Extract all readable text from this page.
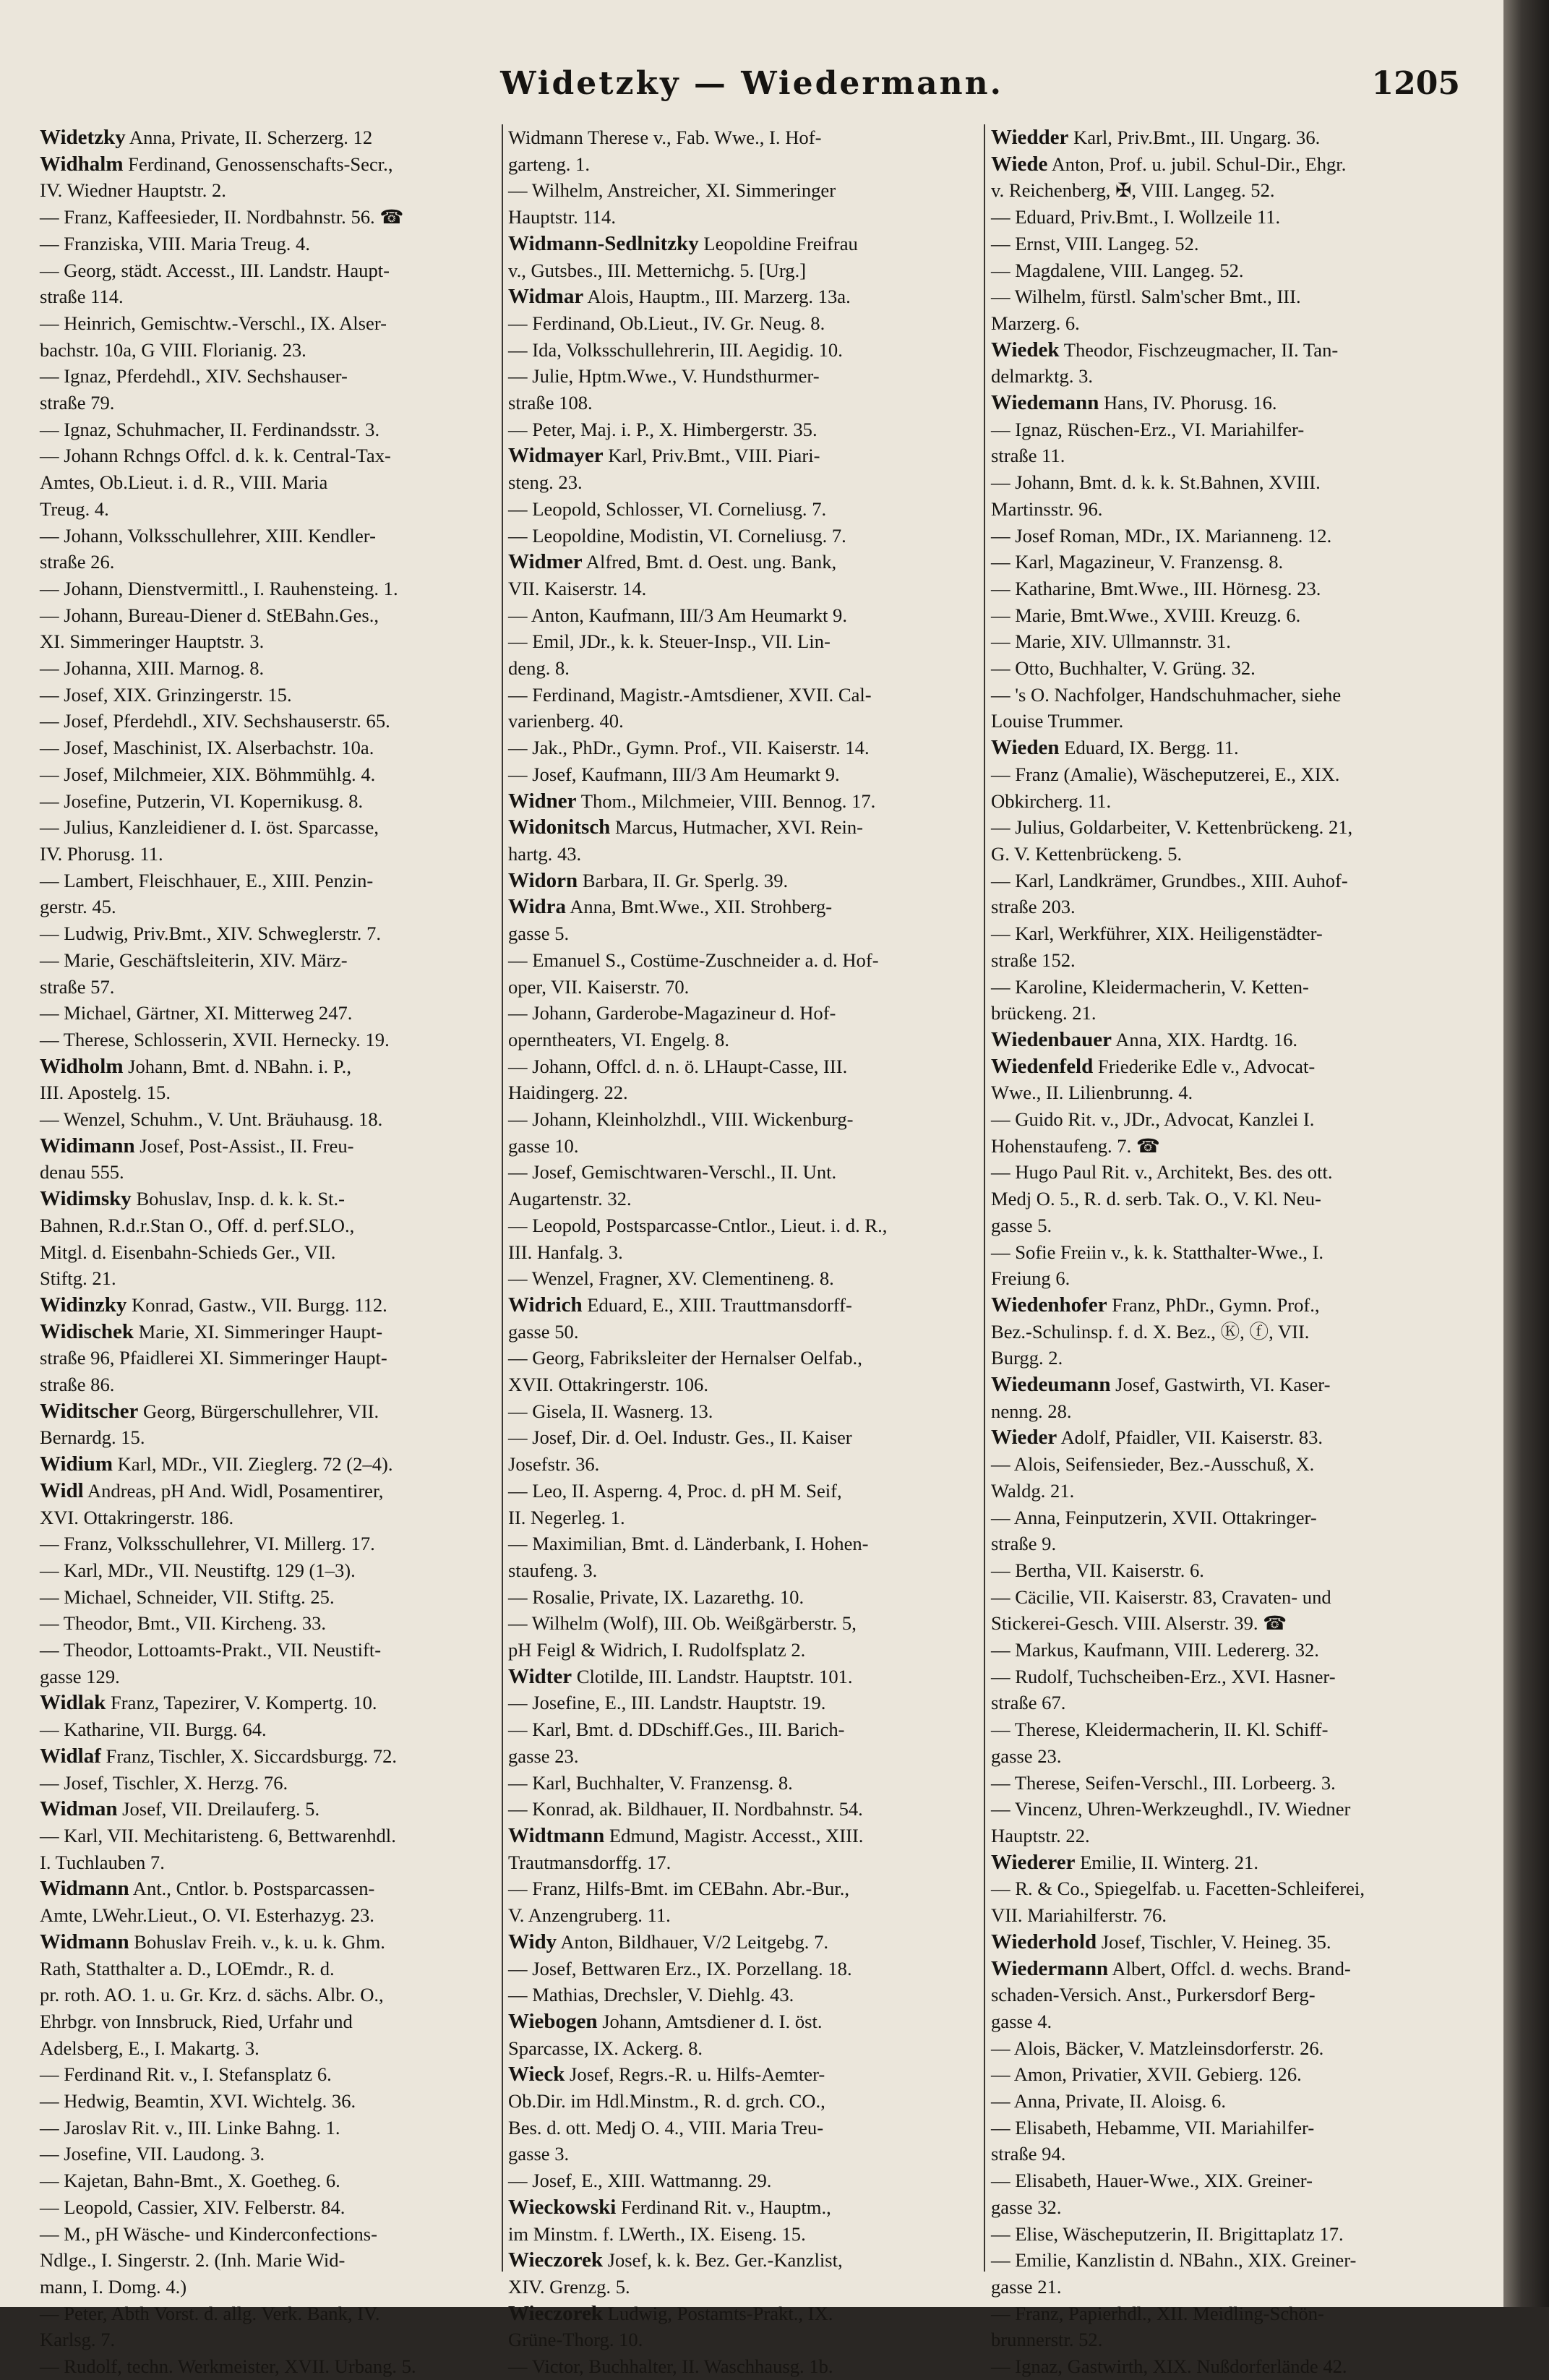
Widetzky — Wiedermann.	1205
Widetzky Anna, Private, II. Scherzerg. 12
Widhalm Ferdinand, Genossenschafts-Secr.,
IV. Wiedner Hauptstr. 2.
— Franz, Kaffeesieder, II. Nordbahnstr. 56. ☎
— Franziska, VIII. Maria Treug. 4.
— Georg, städt. Accesst., III. Landstr. Haupt-
straße 114.
— Heinrich, Gemischtw.-Verschl., IX. Alser-
bachstr. 10a, G VIII. Florianig. 23.
— Ignaz, Pferdehdl., XIV. Sechshauser-
straße 79.
— Ignaz, Schuhmacher, II. Ferdinandsstr. 3.
— Johann Rchngs Offcl. d. k. k. Central-Tax-
Amtes, Ob.Lieut. i. d. R., VIII. Maria
Treug. 4.
— Johann, Volksschullehrer, XIII. Kendler-
straße 26.
— Johann, Dienstvermittl., I. Rauhensteing. 1.
— Johann, Bureau-Diener d. StEBahn.Ges.,
XI. Simmeringer Hauptstr. 3.
— Johanna, XIII. Marnog. 8.
— Josef, XIX. Grinzingerstr. 15.
— Josef, Pferdehdl., XIV. Sechshauserstr. 65.
— Josef, Maschinist, IX. Alserbachstr. 10a.
— Josef, Milchmeier, XIX. Böhmmühlg. 4.
— Josefine, Putzerin, VI. Kopernikusg. 8.
— Julius, Kanzleidiener d. I. öst. Sparcasse,
IV. Phorusg. 11.
— Lambert, Fleischhauer, E., XIII. Penzin-
gerstr. 45.
— Ludwig, Priv.Bmt., XIV. Schweglerstr. 7.
— Marie, Geschäftsleiterin, XIV. März-
straße 57.
— Michael, Gärtner, XI. Mitterweg 247.
— Therese, Schlosserin, XVII. Hernecky. 19.
Widholm Johann, Bmt. d. NBahn. i. P.,
III. Apostelg. 15.
— Wenzel, Schuhm., V. Unt. Bräuhausg. 18.
Widimann Josef, Post-Assist., II. Freu-
denau 555.
Widimsky Bohuslav, Insp. d. k. k. St.-
Bahnen, R.d.r.Stan O., Off. d. perf.SLO.,
Mitgl. d. Eisenbahn-Schieds Ger., VII.
Stiftg. 21.
Widinzky Konrad, Gastw., VII. Burgg. 112.
Widischek Marie, XI. Simmeringer Haupt-
straße 96, Pfaidlerei XI. Simmeringer Haupt-
straße 86.
Widitscher Georg, Bürgerschullehrer, VII.
Bernardg. 15.
Widium Karl, MDr., VII. Zieglerg. 72 (2–4).
Widl Andreas, pH And. Widl, Posamentirer,
XVI. Ottakringerstr. 186.
— Franz, Volksschullehrer, VI. Millerg. 17.
— Karl, MDr., VII. Neustiftg. 129 (1–3).
— Michael, Schneider, VII. Stiftg. 25.
— Theodor, Bmt., VII. Kircheng. 33.
— Theodor, Lottoamts-Prakt., VII. Neustift-
gasse 129.
Widlak Franz, Tapezirer, V. Kompertg. 10.
— Katharine, VII. Burgg. 64.
Widlaf Franz, Tischler, X. Siccardsburgg. 72.
— Josef, Tischler, X. Herzg. 76.
Widman Josef, VII. Dreilauferg. 5.
— Karl, VII. Mechitaristeng. 6, Bettwarenhdl.
I. Tuchlauben 7.
Widmann Ant., Cntlor. b. Postsparcassen-
Amte, LWehr.Lieut., O. VI. Esterhazyg. 23.
Widmann Bohuslav Freih. v., k. u. k. Ghm.
Rath, Statthalter a. D., LOEmdr., R. d.
pr. roth. AO. 1. u. Gr. Krz. d. sächs. Albr. O.,
Ehrbgr. von Innsbruck, Ried, Urfahr und
Adelsberg, E., I. Makartg. 3.
— Ferdinand Rit. v., I. Stefansplatz 6.
— Hedwig, Beamtin, XVI. Wichtelg. 36.
— Jaroslav Rit. v., III. Linke Bahng. 1.
— Josefine, VII. Laudong. 3.
— Kajetan, Bahn-Bmt., X. Goetheg. 6.
— Leopold, Cassier, XIV. Felberstr. 84.
— M., pH Wäsche- und Kinderconfections-
Ndlge., I. Singerstr. 2. (Inh. Marie Wid-
mann, I. Domg. 4.)
— Peter, Abth Vorst. d. allg. Verk. Bank, IV.
Karlsg. 7.
— Rudolf, techn. Werkmeister, XVII. Urbang. 5.
Widmann Therese v., Fab. Wwe., I. Hof-
garteng. 1.
— Wilhelm, Anstreicher, XI. Simmeringer
Hauptstr. 114.
Widmann-Sedlnitzky Leopoldine Freifrau
v., Gutsbes., III. Metternichg. 5. [Urg.]
Widmar Alois, Hauptm., III. Marzerg. 13a.
— Ferdinand, Ob.Lieut., IV. Gr. Neug. 8.
— Ida, Volksschullehrerin, III. Aegidig. 10.
— Julie, Hptm.Wwe., V. Hundsthurmer-
straße 108.
— Peter, Maj. i. P., X. Himbergerstr. 35.
Widmayer Karl, Priv.Bmt., VIII. Piari-
steng. 23.
— Leopold, Schlosser, VI. Corneliusg. 7.
— Leopoldine, Modistin, VI. Corneliusg. 7.
Widmer Alfred, Bmt. d. Oest. ung. Bank,
VII. Kaiserstr. 14.
— Anton, Kaufmann, III/3 Am Heumarkt 9.
— Emil, JDr., k. k. Steuer-Insp., VII. Lin-
deng. 8.
— Ferdinand, Magistr.-Amtsdiener, XVII. Cal-
varienberg. 40.
— Jak., PhDr., Gymn. Prof., VII. Kaiserstr. 14.
— Josef, Kaufmann, III/3 Am Heumarkt 9.
Widner Thom., Milchmeier, VIII. Bennog. 17.
Widonitsch Marcus, Hutmacher, XVI. Rein-
hartg. 43.
Widorn Barbara, II. Gr. Sperlg. 39.
Widra Anna, Bmt.Wwe., XII. Strohberg-
gasse 5.
— Emanuel S., Costüme-Zuschneider a. d. Hof-
oper, VII. Kaiserstr. 70.
— Johann, Garderobe-Magazineur d. Hof-
operntheaters, VI. Engelg. 8.
— Johann, Offcl. d. n. ö. LHaupt-Casse, III.
Haidingerg. 22.
— Johann, Kleinholzhdl., VIII. Wickenburg-
gasse 10.
— Josef, Gemischtwaren-Verschl., II. Unt.
Augartenstr. 32.
— Leopold, Postsparcasse-Cntlor., Lieut. i. d. R.,
III. Hanfalg. 3.
— Wenzel, Fragner, XV. Clementineng. 8.
Widrich Eduard, E., XIII. Trauttmansdorff-
gasse 50.
— Georg, Fabriksleiter der Hernalser Oelfab.,
XVII. Ottakringerstr. 106.
— Gisela, II. Wasnerg. 13.
— Josef, Dir. d. Oel. Industr. Ges., II. Kaiser
Josefstr. 36.
— Leo, II. Asperng. 4, Proc. d. pH M. Seif,
II. Negerleg. 1.
— Maximilian, Bmt. d. Länderbank, I. Hohen-
staufeng. 3.
— Rosalie, Private, IX. Lazarethg. 10.
— Wilhelm (Wolf), III. Ob. Weißgärberstr. 5,
pH Feigl & Widrich, I. Rudolfsplatz 2.
Widter Clotilde, III. Landstr. Hauptstr. 101.
— Josefine, E., III. Landstr. Hauptstr. 19.
— Karl, Bmt. d. DDschiff.Ges., III. Barich-
gasse 23.
— Karl, Buchhalter, V. Franzensg. 8.
— Konrad, ak. Bildhauer, II. Nordbahnstr. 54.
Widtmann Edmund, Magistr. Accesst., XIII.
Trautmansdorffg. 17.
— Franz, Hilfs-Bmt. im CEBahn. Abr.-Bur.,
V. Anzengruberg. 11.
Widy Anton, Bildhauer, V/2 Leitgebg. 7.
— Josef, Bettwaren Erz., IX. Porzellang. 18.
— Mathias, Drechsler, V. Diehlg. 43.
Wiebogen Johann, Amtsdiener d. I. öst.
Sparcasse, IX. Ackerg. 8.
Wieck Josef, Regrs.-R. u. Hilfs-Aemter-
Ob.Dir. im Hdl.Minstm., R. d. grch. CO.,
Bes. d. ott. Medj O. 4., VIII. Maria Treu-
gasse 3.
— Josef, E., XIII. Wattmanng. 29.
Wieckowski Ferdinand Rit. v., Hauptm.,
im Minstm. f. LWerth., IX. Eiseng. 15.
Wieczorek Josef, k. k. Bez. Ger.-Kanzlist,
XIV. Grenzg. 5.
Wieczorek Ludwig, Postamts-Prakt., IX.
Grüne-Thorg. 10.
— Victor, Buchhalter, II. Waschhausg. 1b.
Wiedder Karl, Priv.Bmt., III. Ungarg. 36.
Wiede Anton, Prof. u. jubil. Schul-Dir., Ehgr.
v. Reichenberg, ✠, VIII. Langeg. 52.
— Eduard, Priv.Bmt., I. Wollzeile 11.
— Ernst, VIII. Langeg. 52.
— Magdalene, VIII. Langeg. 52.
— Wilhelm, fürstl. Salm'scher Bmt., III.
Marzerg. 6.
Wiedek Theodor, Fischzeugmacher, II. Tan-
delmarktg. 3.
Wiedemann Hans, IV. Phorusg. 16.
— Ignaz, Rüschen-Erz., VI. Mariahilfer-
straße 11.
— Johann, Bmt. d. k. k. St.Bahnen, XVIII.
Martinsstr. 96.
— Josef Roman, MDr., IX. Marianneng. 12.
— Karl, Magazineur, V. Franzensg. 8.
— Katharine, Bmt.Wwe., III. Hörnesg. 23.
— Marie, Bmt.Wwe., XVIII. Kreuzg. 6.
— Marie, XIV. Ullmannstr. 31.
— Otto, Buchhalter, V. Grüng. 32.
— 's O. Nachfolger, Handschuhmacher, siehe
Louise Trummer.
Wieden Eduard, IX. Bergg. 11.
— Franz (Amalie), Wäscheputzerei, E., XIX.
Obkircherg. 11.
— Julius, Goldarbeiter, V. Kettenbrückeng. 21,
G. V. Kettenbrückeng. 5.
— Karl, Landkrämer, Grundbes., XIII. Auhof-
straße 203.
— Karl, Werkführer, XIX. Heiligenstädter-
straße 152.
— Karoline, Kleidermacherin, V. Ketten-
brückeng. 21.
Wiedenbauer Anna, XIX. Hardtg. 16.
Wiedenfeld Friederike Edle v., Advocat-
Wwe., II. Lilienbrunng. 4.
— Guido Rit. v., JDr., Advocat, Kanzlei I.
Hohenstaufeng. 7. ☎
— Hugo Paul Rit. v., Architekt, Bes. des ott.
Medj O. 5., R. d. serb. Tak. O., V. Kl. Neu-
gasse 5.
— Sofie Freiin v., k. k. Statthalter-Wwe., I.
Freiung 6.
Wiedenhofer Franz, PhDr., Gymn. Prof.,
Bez.-Schulinsp. f. d. X. Bez., Ⓚ, ⓕ, VII.
Burgg. 2.
Wiedeumann Josef, Gastwirth, VI. Kaser-
nenng. 28.
Wieder Adolf, Pfaidler, VII. Kaiserstr. 83.
— Alois, Seifensieder, Bez.-Ausschuß, X.
Waldg. 21.
— Anna, Feinputzerin, XVII. Ottakringer-
straße 9.
— Bertha, VII. Kaiserstr. 6.
— Cäcilie, VII. Kaiserstr. 83, Cravaten- und
Stickerei-Gesch. VIII. Alserstr. 39. ☎
— Markus, Kaufmann, VIII. Ledererg. 32.
— Rudolf, Tuchscheiben-Erz., XVI. Hasner-
straße 67.
— Therese, Kleidermacherin, II. Kl. Schiff-
gasse 23.
— Therese, Seifen-Verschl., III. Lorbeerg. 3.
— Vincenz, Uhren-Werkzeughdl., IV. Wiedner
Hauptstr. 22.
Wiederer Emilie, II. Winterg. 21.
— R. & Co., Spiegelfab. u. Facetten-Schleiferei,
VII. Mariahilferstr. 76.
Wiederhold Josef, Tischler, V. Heineg. 35.
Wiedermann Albert, Offcl. d. wechs. Brand-
schaden-Versich. Anst., Purkersdorf Berg-
gasse 4.
— Alois, Bäcker, V. Matzleinsdorferstr. 26.
— Amon, Privatier, XVII. Gebierg. 126.
— Anna, Private, II. Aloisg. 6.
— Elisabeth, Hebamme, VII. Mariahilfer-
straße 94.
— Elisabeth, Hauer-Wwe., XIX. Greiner-
gasse 32.
— Elise, Wäscheputzerin, II. Brigittaplatz 17.
— Emilie, Kanzlistin d. NBahn., XIX. Greiner-
gasse 21.
— Franz, Papierhdl., XII. Meidling-Schön-
brunnerstr. 52.
— Ignaz, Gastwirth, XIX. Nußdorferlände 42.
